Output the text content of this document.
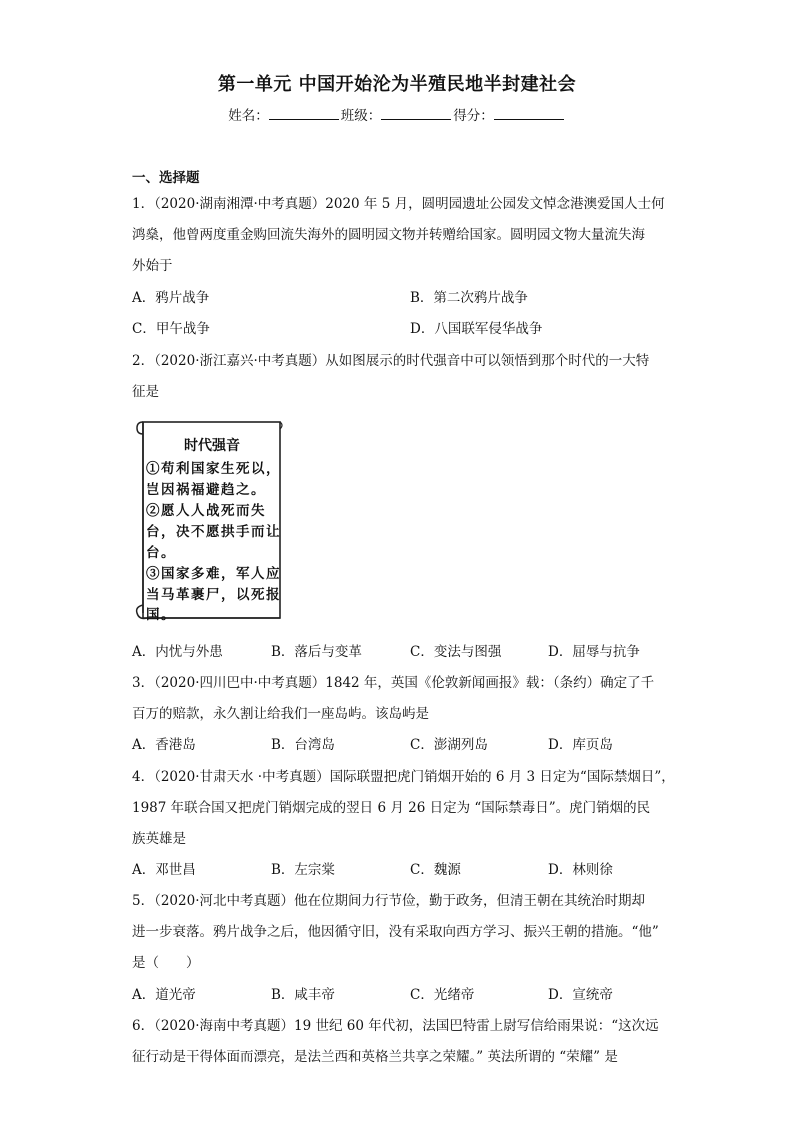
第一单元 中国开始沦为半殖民地半封建社会
姓名：	班级：	得分：
一、选择题
1．（2020·湖南湘潭·中考真题）2020 年 5 月，圆明园遗址公园发文悼念港澳爱国人士何
鸿燊，他曾两度重金购回流失海外的圆明园文物并转赠给国家。圆明园文物大量流失海
外始于
A．鸦片战争	B．第二次鸦片战争
C．甲午战争	D．八国联军侵华战争
2．（2020·浙江嘉兴·中考真题）从如图展示的时代强音中可以领悟到那个时代的一大特
征是
时代强音
①苟利国家生死以，
岂因祸福避趋之。
②愿人人战死而失
台，决不愿拱手而让
台。
③国家多难，军人应
当马革裹尸，以死报
国。
A．内忧与外患	B．落后与变革	C．变法与图强	D．屈辱与抗争
3．（2020·四川巴中·中考真题）1842 年，英国《伦敦新闻画报》载：（条约）确定了千
百万的赔款，永久割让给我们一座岛屿。该岛屿是
A．香港岛	B．台湾岛	C．澎湖列岛	D．库页岛
4．（2020·甘肃天水 ·中考真题）国际联盟把虎门销烟开始的 6 月 3 日定为“国际禁烟日”，
1987 年联合国又把虎门销烟完成的翌日 6 月 26 日定为 “国际禁毒日”。虎门销烟的民
族英雄是
A．邓世昌	B．左宗棠	C．魏源	D．林则徐
5．（2020·河北中考真题）他在位期间力行节俭，勤于政务，但清王朝在其统治时期却
进一步衰落。鸦片战争之后，他因循守旧，没有采取向西方学习、振兴王朝的措施。“他”
是（　　）
A．道光帝	B．咸丰帝	C．光绪帝	D．宣统帝
6．（2020·海南中考真题）19 世纪 60 年代初，法国巴特雷上尉写信给雨果说：“这次远
征行动是干得体面而漂亮，是法兰西和英格兰共享之荣耀。” 英法所谓的 “荣耀” 是
